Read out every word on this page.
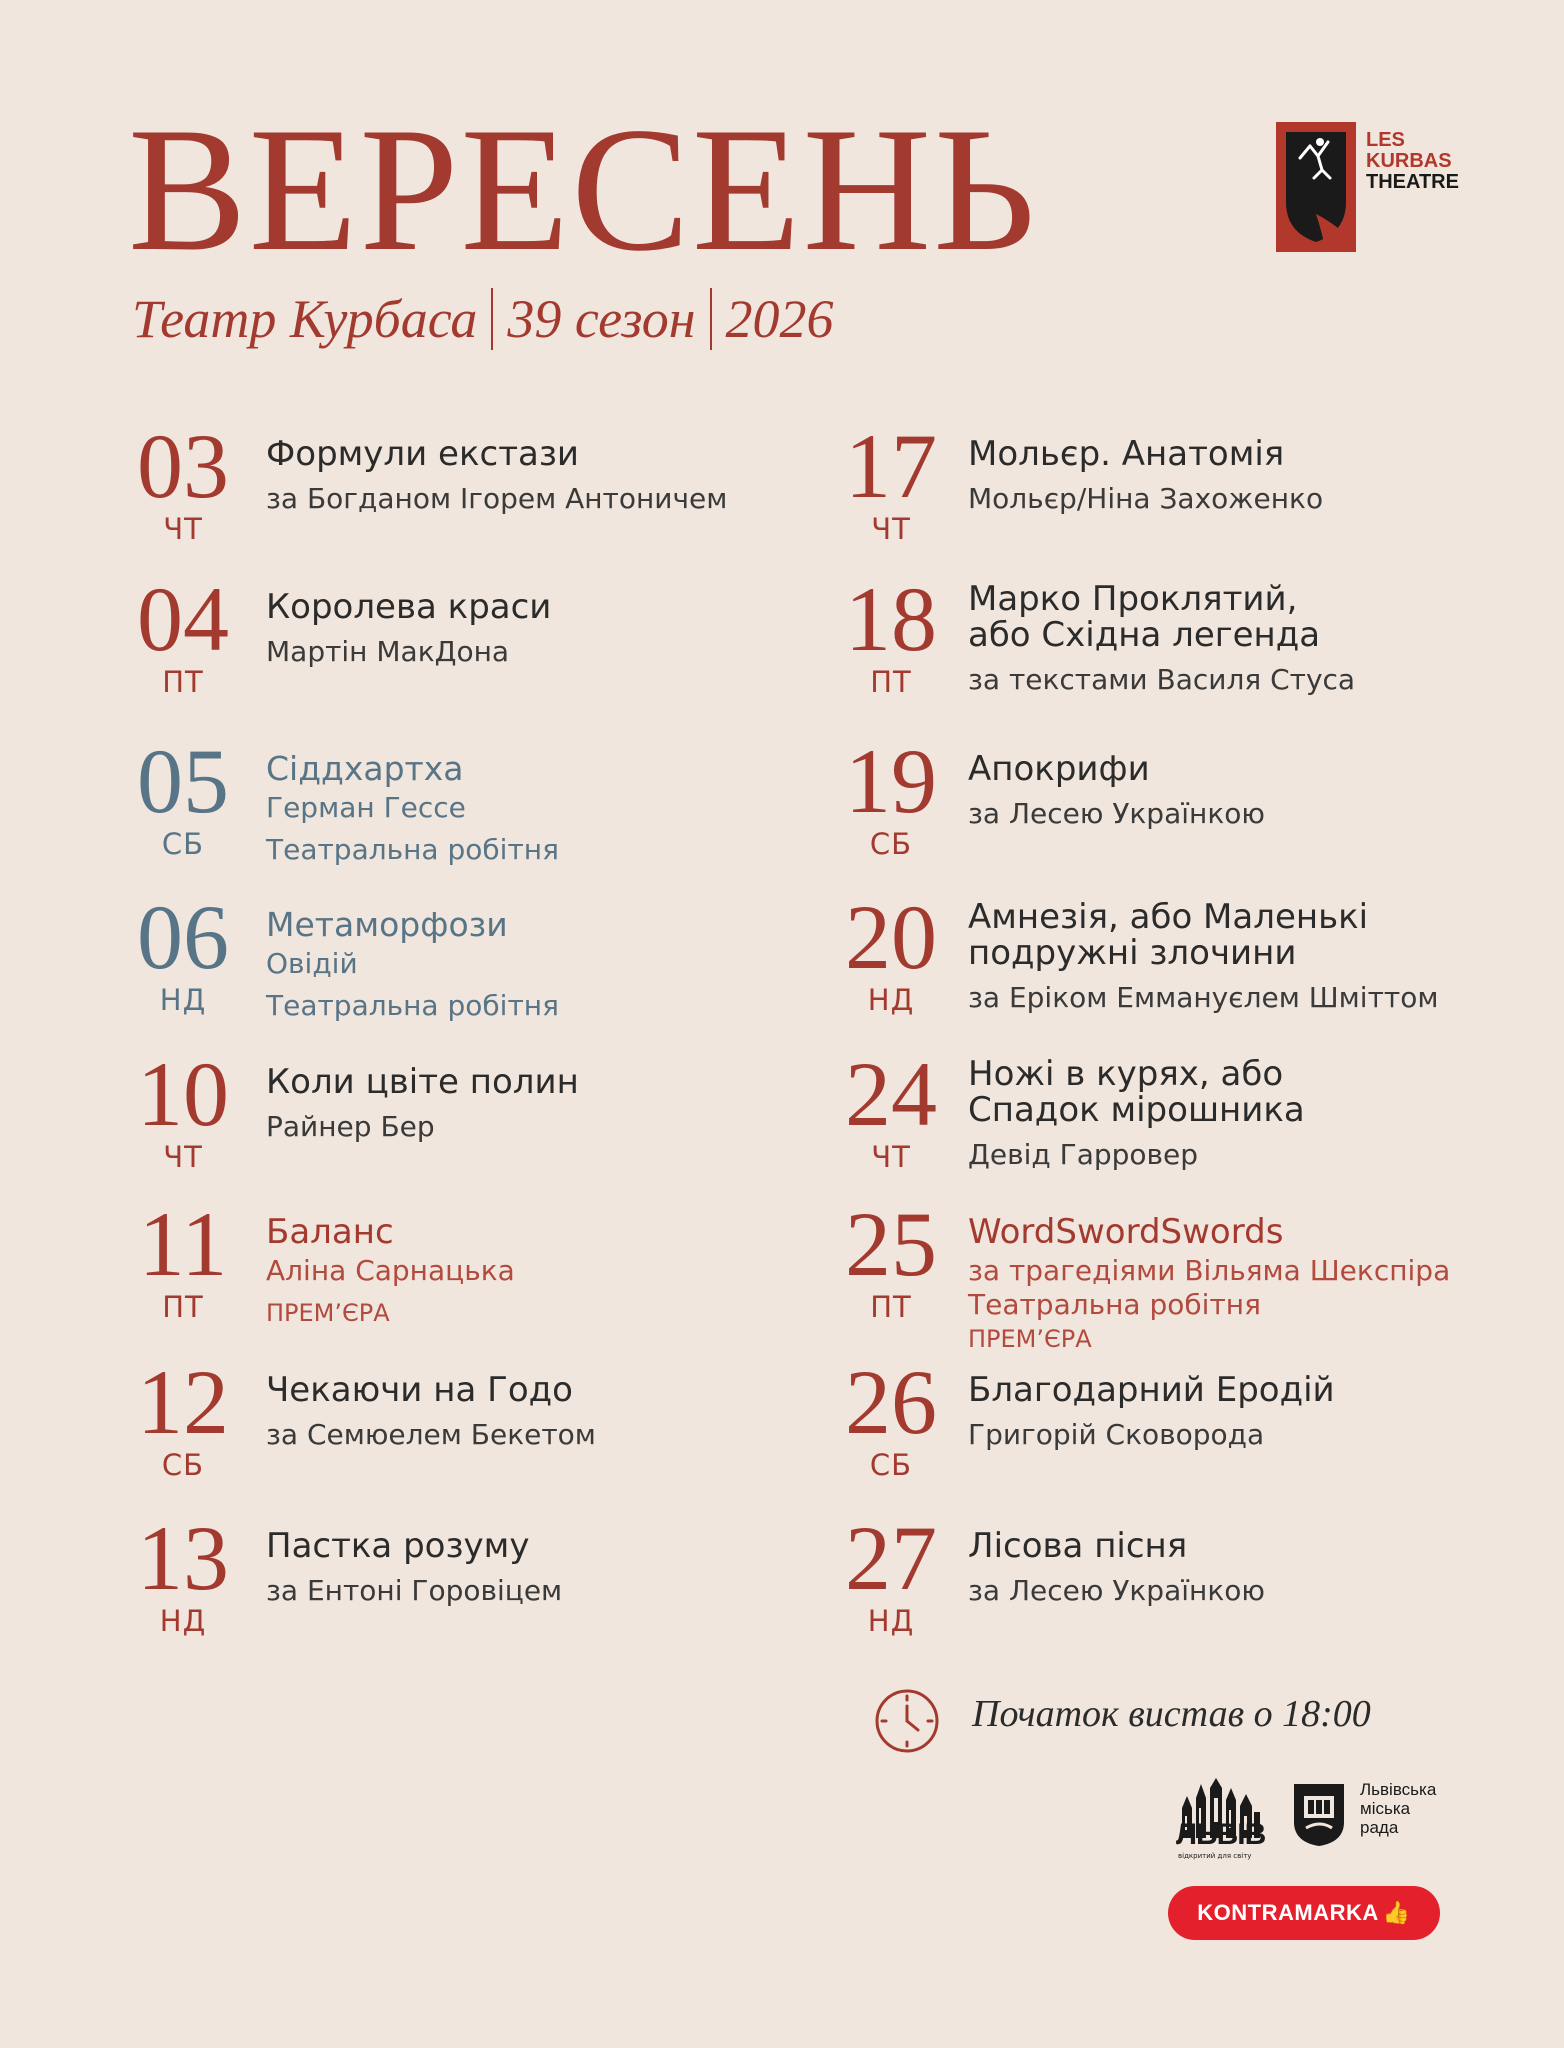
ВЕРЕСЕНЬ
Театр Курбаса 39 сезон 2026
LES
KURBAS
THEATRE
03
ЧТ
Формули екстази
за Богданом Ігорем Антоничем
04
ПТ
Королева краси
Мартін МакДона
05
СБ
Сіддхартха
Герман Гессе
Театральна робітня
06
НД
Метаморфози
Овідій
Театральна робітня
10
ЧТ
Коли цвіте полин
Райнер Бер
11
ПТ
Баланс
Аліна Сарнацька
ПРЕМ’ЄРА
12
СБ
Чекаючи на Годо
за Семюелем Бекетом
13
НД
Пастка розуму
за Ентоні Горовіцем
17
ЧТ
Мольєр. Анатомія
Мольєр/Ніна Захоженко
18
ПТ
Марко Проклятий,
або Східна легенда
за текстами Василя Стуса
19
СБ
Апокрифи
за Лесею Українкою
20
НД
Амнезія, або Маленькі
подружні злочини
за Еріком Еммануєлем Шміттом
24
ЧТ
Ножі в курях, або
Спадок мірошника
Девід Гарровер
25
ПТ
WordSwordSwords
за трагедіями Вільяма Шекспіра
Театральна робітня
ПРЕМ’ЄРА
26
СБ
Благодарний Еродій
Григорій Сковорода
27
НД
Лісова пісня
за Лесею Українкою
Початок вистав о 18:00
ЛЬВІВ
відкритий для світу
Львівська
міська
рада
KONTRAMARKA 👍
